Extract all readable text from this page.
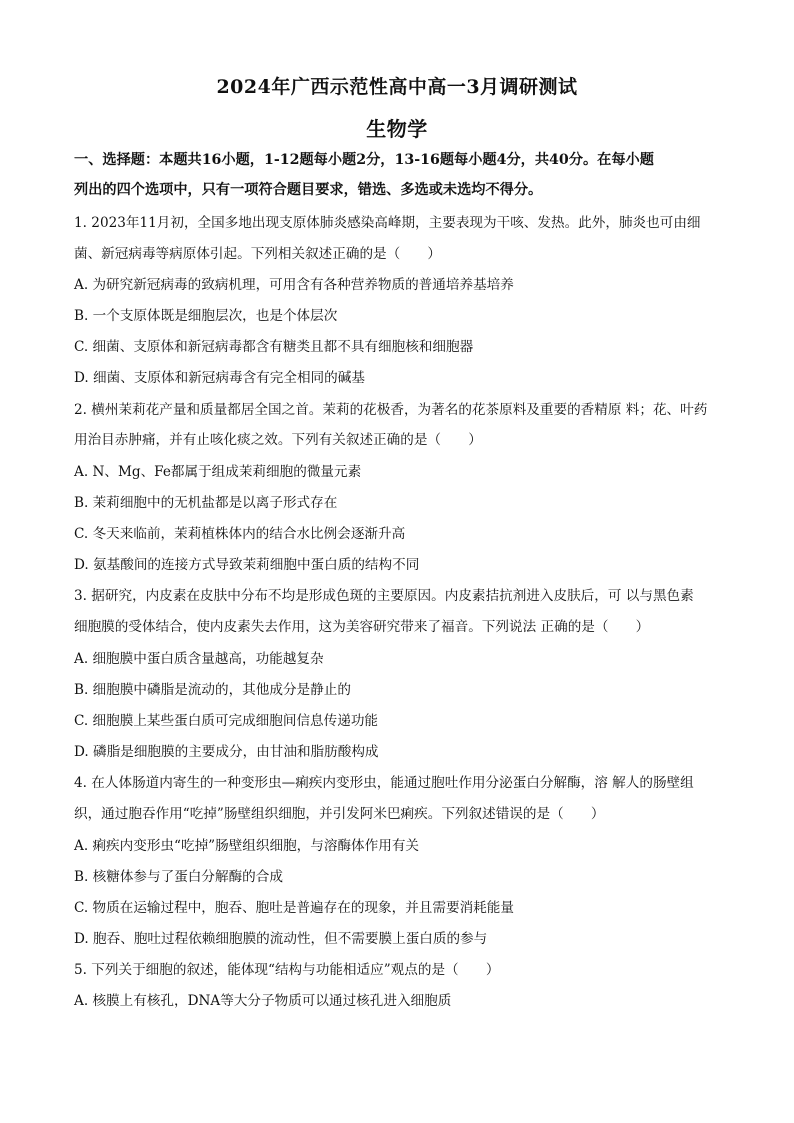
2024年广西示范性高中高一3月调研测试
生物学
一、选择题：本题共16小题，1-12题每小题2分，13-16题每小题4分，共40分。在每小题
列出的四个选项中，只有一项符合题目要求，错选、多选或未选均不得分。
1. 2023年11月初，全国多地出现支原体肺炎感染高峰期，主要表现为干咳、发热。此外，肺炎也可由细
菌、新冠病毒等病原体引起。下列相关叙述正确的是（　　）
A. 为研究新冠病毒的致病机理，可用含有各种营养物质的普通培养基培养
B. 一个支原体既是细胞层次，也是个体层次
C. 细菌、支原体和新冠病毒都含有糖类且都不具有细胞核和细胞器
D. 细菌、支原体和新冠病毒含有完全相同的碱基
2. 横州茉莉花产量和质量都居全国之首。茉莉的花极香，为著名的花茶原料及重要的香精原 料；花、叶药
用治目赤肿痛，并有止咳化痰之效。下列有关叙述正确的是（　　）
A. N、Mg、Fe都属于组成茉莉细胞的微量元素
B. 茉莉细胞中的无机盐都是以离子形式存在
C. 冬天来临前，茉莉植株体内的结合水比例会逐渐升高
D. 氨基酸间的连接方式导致茉莉细胞中蛋白质的结构不同
3. 据研究，内皮素在皮肤中分布不均是形成色斑的主要原因。内皮素拮抗剂进入皮肤后，可 以与黑色素
细胞膜的受体结合，使内皮素失去作用，这为美容研究带来了福音。下列说法 正确的是（　　）
A. 细胞膜中蛋白质含量越高，功能越复杂
B. 细胞膜中磷脂是流动的，其他成分是静止的
C. 细胞膜上某些蛋白质可完成细胞间信息传递功能
D. 磷脂是细胞膜的主要成分，由甘油和脂肪酸构成
4. 在人体肠道内寄生的一种变形虫—痢疾内变形虫，能通过胞吐作用分泌蛋白分解酶，溶 解人的肠壁组
织，通过胞吞作用“吃掉”肠壁组织细胞，并引发阿米巴痢疾。下列叙述错误的是（　　）
A. 痢疾内变形虫“吃掉”肠壁组织细胞，与溶酶体作用有关
B. 核糖体参与了蛋白分解酶的合成
C. 物质在运输过程中，胞吞、胞吐是普遍存在的现象，并且需要消耗能量
D. 胞吞、胞吐过程依赖细胞膜的流动性，但不需要膜上蛋白质的参与
5. 下列关于细胞的叙述，能体现“结构与功能相适应”观点的是（　　）
A. 核膜上有核孔，DNA等大分子物质可以通过核孔进入细胞质
